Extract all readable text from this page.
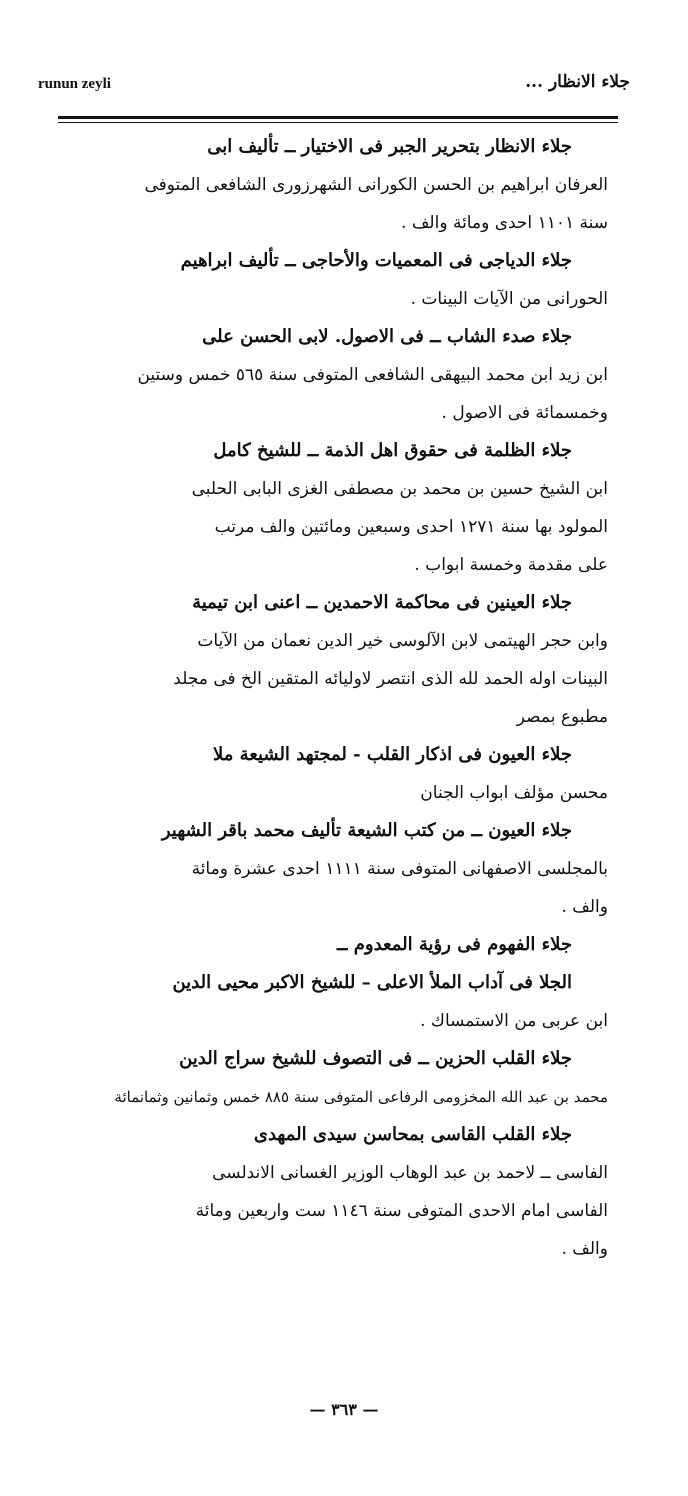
runun zeyli	جلاء الانظار ...
جلاء الانظار بتحرير الجبر فى الاختيار ــ تأليف ابى
العرفان ابراهيم بن الحسن الكورانى الشهرزورى الشافعى المتوفى
سنة ١١٠١ احدى ومائة والف .
جلاء الدياجى فى المعميات والأحاجى ــ تأليف ابراهيم
الحورانى من الآيات البينات .
جلاء صدء الشاب ــ فى الاصول. لابى الحسن على
ابن زيد ابن محمد البيهقى الشافعى المتوفى سنة ٥٦٥ خمس وستين
وخمسمائة فى الاصول .
جلاء الظلمة فى حقوق اهل الذمة ــ للشيخ كامل
ابن الشيخ حسين بن محمد بن مصطفى الغزى البابى الحلبى
المولود بها سنة ١٢٧١ احدى وسبعين ومائتين والف مرتب
على مقدمة وخمسة ابواب .
جلاء العينين فى محاكمة الاحمدين ــ اعنى ابن تيمية
وابن حجر الهيتمى لابن الآلوسى خير الدين نعمان من الآيات
البينات اوله الحمد لله الذى انتصر لاوليائه المتقين الخ فى مجلد
مطبوع بمصر
جلاء العيون فى اذكار القلب - لمجتهد الشيعة ملا
محسن مؤلف ابواب الجنان
جلاء العيون ــ من كتب الشيعة تأليف محمد باقر الشهير
بالمجلسى الاصفهانى المتوفى سنة ١١١١ احدى عشرة ومائة
والف .
جلاء الفهوم فى رؤية المعدوم ــ
الجلا فى آداب الملأ الاعلى – للشيخ الاكبر محيى الدين
ابن عربى من الاستمساك .
جلاء القلب الحزين ــ فى التصوف للشيخ سراج الدين
محمد بن عبد الله المخزومى الرفاعى المتوفى سنة ٨٨٥ خمس وثمانين وثمانمائة
جلاء القلب القاسى بمحاسن سيدى المهدى
الفاسى ــ لاحمد بن عبد الوهاب الوزير الغسانى الاندلسى
الفاسى امام الاحدى المتوفى سنة ١١٤٦ ست واربعين ومائة
والف .
— ٣٦٣ —
